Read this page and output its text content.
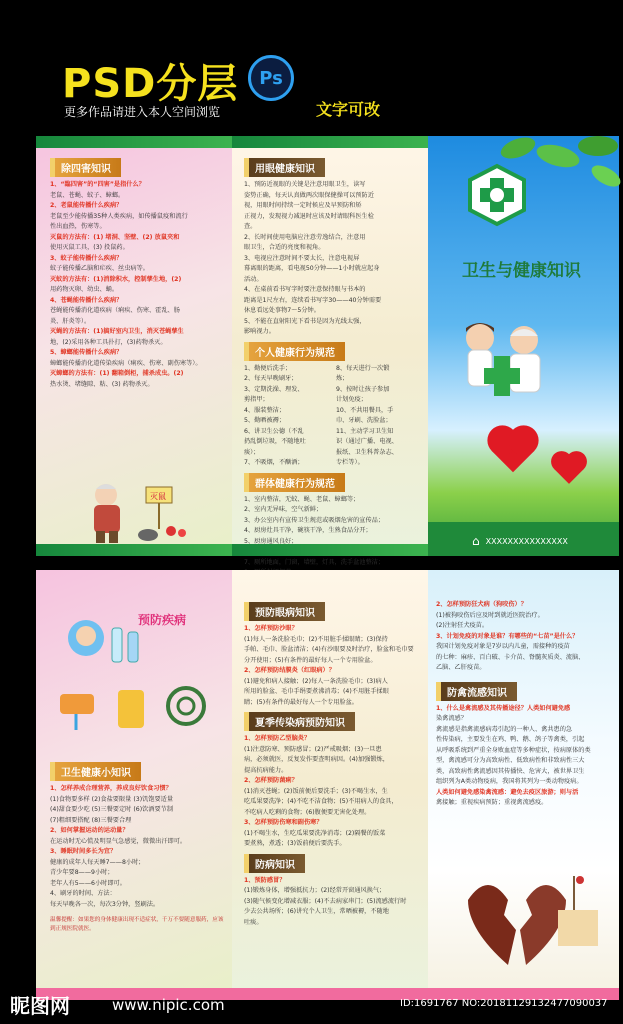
PSD分层	Ps
更多作品请进入本人空间浏览	文字可改
除四害知识
1、“臨四害”的“四害”是指什么？
老鼠、苍蝇、蚊子、蟑螂。
2、老鼠能传播什么疾病？
老鼠至少能传播35种人类疾病，如传播鼠疫和流行
性出血热，伤寒等。
灭鼠的方法有：(1) 堵洞、坚壁、(2) 放鼠夹和
使用灭鼠工具，(3) 投鼠药。
3、蚊子能传播什么疾病？
蚊子能传播乙脑和疟疾、丝虫病等。
灭蚊的方法有：(1)消除积水，控制孳生地，(2)
用药物灭卵、幼虫、蛹。
4、苍蝇能传播什么疾病？
苍蝇能传播消化道疾病（痢疾、伤寒、霍乱、肠
炎、肝炎等）。
灭蝇的方法有：(1)搞好室内卫生，消灭苍蝇孳生
地，(2)采用各种工具扑打，(3)药物杀灭。
5、蟑螂能传播什么疾病？
蟑螂能传播消化道传染疾病（痢疾、伤寒、副伤寒等）。
灭蟑螂的方法有：(1) 翻箱倒柜，捕杀成虫。(2)
热水烫、堵缝隙、粘、(3) 药物杀灭。
灭鼠
用眼健康知识
1、预防近视眼的关键是注意用眼卫生，读写
姿势正确，每天认真做两次眼保健操可以预防近
视，用眼时间持续一定时候应及早预防和矫
正视力，发现视力减退时应该及时请眼科医生检
查。
2、长时间使用电脑应注意劳逸结合，注意用
眼卫生，合适的亮度和视角。
3、电视应注意时间不要太长，注意电视屏
幕离眼的距离，看电视50分钟——1小时就应起身
活动。
4、在桌前看书写字时要注意保持眼与书本的
距离是1尺左右，连续看书写字30——40分钟需要
休息看远处事物7～5分钟。
5、不能在直射阳光下看书是因为光线太强，
影响视力。
个人健康行为规范
1、勤便后洗手；
2、每天早晚刷牙；
3、定期洗澡、理发、
剪指甲；
4、服装整洁；
5、勤晒被褥；
6、讲卫生公德（不乱
扔乱倒垃圾，不随地吐
痰）；
7、不吸烟，不酗酒；
8、每天进行一次锻
炼；
9、按时让孩子参加
计划免疫；
10、不共用餐具，手
巾、牙刷、洗脸盆；
11、主动学习卫生知
识（通过广播、电视、
报纸、卫生科普杂志、
专栏等）。
群体健康行为规范
1、室内整洁，无蚊、蝇、老鼠、蟑螂等；
2、室内无异味，空气新鲜；
3、办公室内有宣传卫生规范或吸烟危害的宣传品；
4、厨房灶具干净，碗筷干净，生熟食品分开；
5、厨房通风良好；
7、厕所地面，门窗，墙壁，灯具，洗手盆池整洁；
卫生与健康知识
⌂ XXXXXXXXXXXXXXX
预防疾病
卫生健康小知识
1、怎样养成合理营养，养成良好饮食习惯？
(1)食物要多样 (2)食盐要限量 (3)饥饱要适量
(4)甜食要少吃 (5)三餐要定时 (6)饮酒要节制
(7)粗细要搭配 (8)三餐要合理
2、如何掌握运动的运动量？
在运动时无心慌及明显气急感觉，微微出汗即可。
3、睡眠时间多长为宜？
健康的成年人每天睡7——8小时；
青少年要8——9小时；
老年人有5——6小时即可。
4、刷牙的时间、方法：
每天早晚各一次，每次3分钟，竖刷法。
温馨提醒：如果您的身体健康出现不适症状，千万不要随意服药，应该到正规医院就医。
预防眼病知识
1、怎样预防沙眼？
(1)每人一条洗脸毛巾；(2)不用脏手揉眼睛；(3)保持
手帕、毛巾、脸盆清洁；(4)有沙眼要及时治疗，脸盆和毛巾要
分开使用；(5)有条件的最好每人一个专用脸盆。
2、怎样预防结膜炎（红眼病）？
(1)避免和病人接触；(2)每人一条洗脸毛巾；(3)病人
所用的脸盆、毛巾手绢要煮沸消毒；(4)不用脏手揉眼
睛；(5)有条件的最好每人一个专用脸盆。
夏季传染病预防知识
1、怎样预防乙型脑炎？
(1)注意防寒、预防感冒；(2)严戒吸烟；(3)一旦患
病，必须就医，反复发作要查明病因。(4)加强锻炼，
提高抗病能力。
2、怎样预防菌痢？
(1)消灭苍蝇；(2)饭前便后要洗手；(3)不喝生水，生
吃瓜果要洗净；(4)不吃不洁食物；(5)不用病人的食具，
不吃病人吃剩的食物；(6)腹便要无害化处理。
3、怎样预防伤寒和副伤寒？
(1)不喝生水，生吃瓜果要洗净消毒；(2)隔餐的饭菜
要煮熟，煮透；(3)饭前便后要洗手。
防病知识
1、预防感冒？
(1)锻炼身体，增强抵抗力；(2)经常开窗通风换气；
(3)随气候变化增减衣服；(4)不去病家串门；(5)流感流行时
少去公共场所；(6)讲究个人卫生，常晒被褥，不随地
吐痰。
2、怎样预防狂犬病（狗咬伤）？
(1)被狗咬伤后应及时到就近医院治疗。
(2)注射狂犬疫苗。
3、计划免疫的对象是谁？有哪些的“七苗”是什么？
我国计划免疫对象是7岁以内儿童，需接种的疫苗
的七种：麻疹、百白破、卡介苗、脊髓灰质炎、流脑、
乙脑、乙肝疫苗。
防禽流感知识
1、什么是禽流感及其传播途径？人类如何避免感
染禽流感？
禽流感是指禽流感病毒引起的一种人、禽共患的急
性传染病，主要发生在鸡、鸭、鹅、鸽子等禽类，引起
从呼吸系统到严重全身败血症等多种症状，按病原体的类
型，禽流感可分为高致病性、低致病性和非致病性三大
类，高致病性禽流感因其传播快、危害大，被世界卫生
组织列为A类动物疫病，我国将其列为一类动物疫病。
人类如何避免感染禽流感：避免去疫区旅游；则与活
禽接触；重视疾病预防；重视禽流感疫。
昵图网	www.nipic.com	ID:1691767 NO:20181129132477090037
